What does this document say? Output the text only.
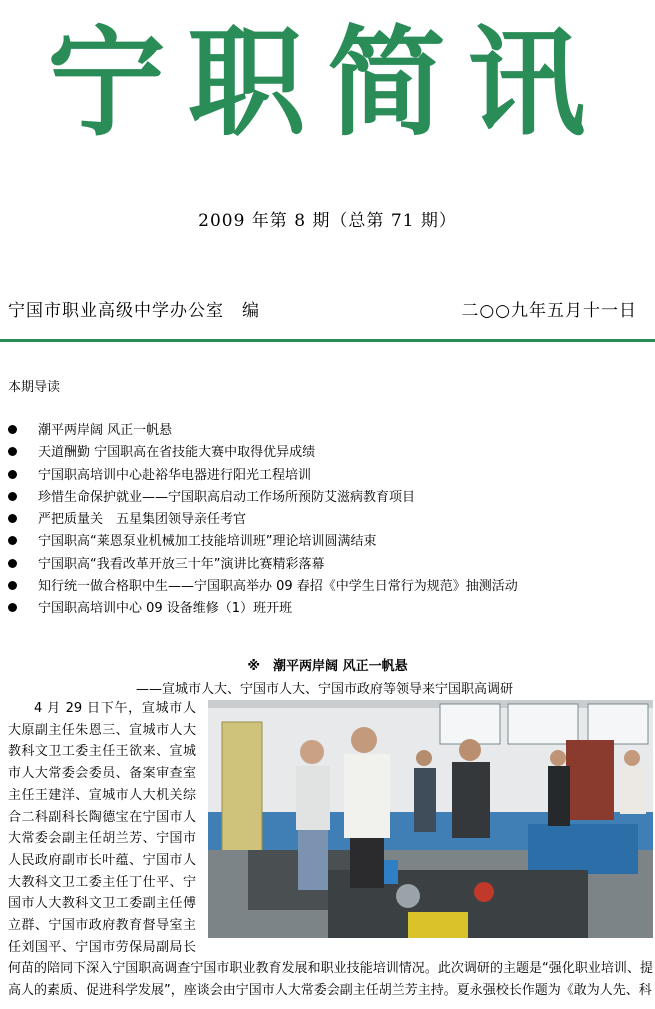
宁职简讯
2009 年第 8 期（总第 71 期）
宁国市职业高级中学办公室　编	二○○九年五月十一日
本期导读
潮平两岸阔 风正一帆悬
天道酬勤 宁国职高在省技能大赛中取得优异成绩
宁国职高培训中心赴裕华电器进行阳光工程培训
珍惜生命保护就业——宁国职高启动工作场所预防艾滋病教育项目
严把质量关　五星集团领导亲任考官
宁国职高“莱恩泵业机械加工技能培训班”理论培训圆满结束
宁国职高“我看改革开放三十年”演讲比赛精彩落幕
知行统一做合格职中生——宁国职高举办 09 春招《中学生日常行为规范》抽测活动
宁国职高培训中心 09 设备维修（1）班开班
※　潮平两岸阔 风正一帆悬
——宣城市人大、宁国市人大、宁国市政府等领导来宁国职高调研

4 月 29 日下午，宣城市人大原副主任朱恩三、宣城市人大教科文卫工委主任王欲来、宣城市人大常委会委员、备案审查室主任王建洋、宣城市人大机关综合二科副科长陶德宝在宁国市人大常委会副主任胡兰芳、宁国市人民政府副市长叶蕴、宁国市人大教科文卫工委主任丁仕平、宁国市人大教科文卫工委副主任傅立群、宁国市政府教育督导室主任刘国平、宁国市劳保局副局长何苗的陪同下深入宁国职高调查宁国市职业教育发展和职业技能培训情况。此次调研的主题是“强化职业培训、提高人的素质、促进科学发展”，座谈会由宁国市人大常委会副主任胡兰芳主持。夏永强校长作题为《敢为人先、科
